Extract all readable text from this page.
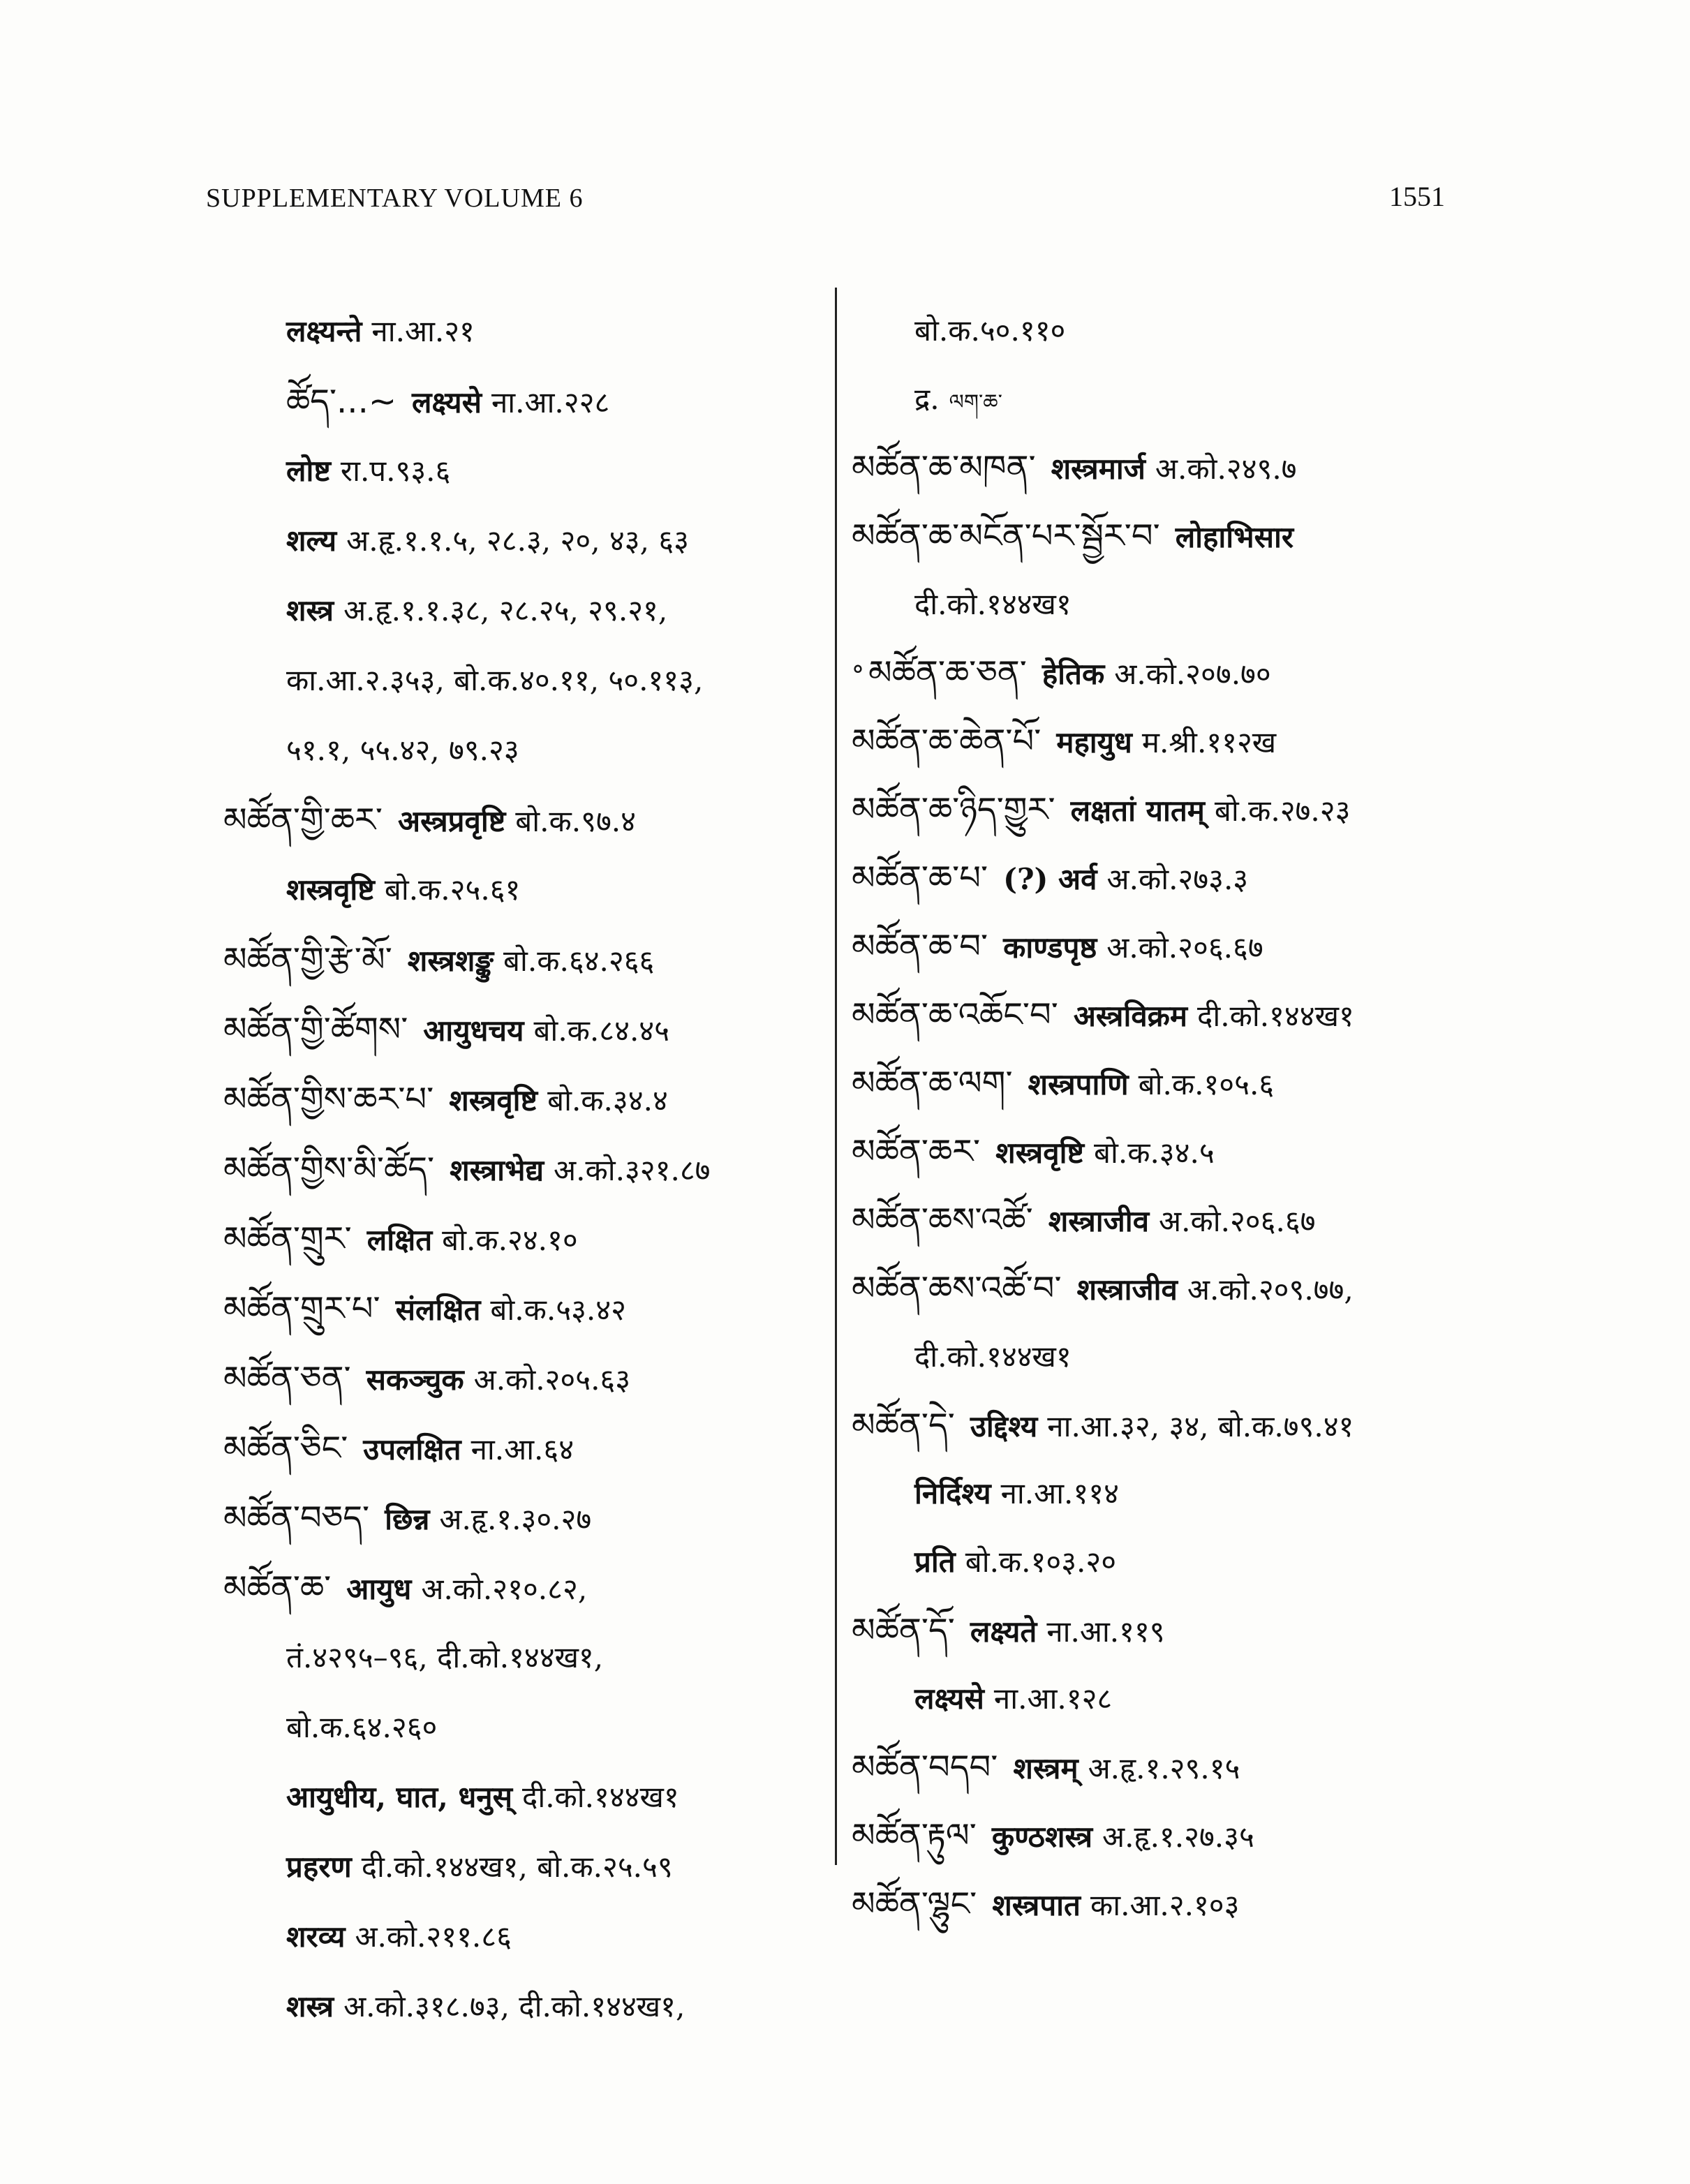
SUPPLEMENTARY VOLUME 6	1551
लक्ष्यन्ते ना.आ.२१
ཚོད་...~ लक्ष्यसे ना.आ.२२८
लोष्ट रा.प.९३.६
शल्य अ.हृ.१.१.५, २८.३, २०, ४३, ६३
शस्त्र अ.हृ.१.१.३८, २८.२५, २९.२१,
का.आ.२.३५३, बो.क.४०.११, ५०.११३,
५१.१, ५५.४२, ७९.२३
མཚོན་གྱི་ཆར་ अस्त्रप्रवृष्टि बो.क.९७.४
शस्त्रवृष्टि बो.क.२५.६१
མཚོན་གྱི་རྩེ་མོ་ शस्त्रशङ्कु बो.क.६४.२६६
མཚོན་གྱི་ཚོགས་ आयुधचय बो.क.८४.४५
མཚོན་གྱིས་ཆར་པ་ शस्त्रवृष्टि बो.क.३४.४
མཚོན་གྱིས་མི་ཚོད་ शस्त्राभेद्य अ.को.३२१.८७
མཚོན་གྲུར་ लक्षित बो.क.२४.१०
མཚོན་གྲུར་པ་ संलक्षित बो.क.५३.४२
མཚོན་ཅན་ सकञ्चुक अ.को.२०५.६३
མཚོན་ཅིང་ उपलक्षित ना.आ.६४
མཚོན་བཅད་ छिन्न अ.हृ.१.३०.२७
མཚོན་ཆ་ आयुध अ.को.२१०.८२,
तं.४२९५–९६, दी.को.१४४ख१,
बो.क.६४.२६०
आयुधीय, घात, धनुस् दी.को.१४४ख१
प्रहरण दी.को.१४४ख१, बो.क.२५.५९
शरव्य अ.को.२११.८६
शस्त्र अ.को.३१८.७३, दी.को.१४४ख१,
बो.क.५०.११०
द्र. ལག་ཆ་
མཚོན་ཆ་མཁན་ शस्त्रमार्ज अ.को.२४९.७
མཚོན་ཆ་མངོན་པར་སྦྱོར་བ་ लोहाभिसार
दी.को.१४४ख१
° མཚོན་ཆ་ཅན་ हेतिक अ.को.२०७.७०
མཚོན་ཆ་ཆེན་པོ་ महायुध म.श्री.११२ख
མཚོན་ཆ་ཉིད་གྱུར་ लक्षतां यातम् बो.क.२७.२३
མཚོན་ཆ་པ་ (?) अर्व अ.को.२७३.३
མཚོན་ཆ་བ་ काण्डपृष्ठ अ.को.२०६.६७
མཚོན་ཆ་འཆོང་བ་ अस्त्रविक्रम दी.को.१४४ख१
མཚོན་ཆ་ལག་ शस्त्रपाणि बो.क.१०५.६
མཚོན་ཆར་ शस्त्रवृष्टि बो.क.३४.५
མཚོན་ཆས་འཚོ་ शस्त्राजीव अ.को.२०६.६७
མཚོན་ཆས་འཚོ་བ་ शस्त्राजीव अ.को.२०९.७७,
दी.को.१४४ख१
མཚོན་དེ་ उद्दिश्य ना.आ.३२, ३४, बो.क.७९.४१
निर्दिश्य ना.आ.११४
प्रति बो.क.१०३.२०
མཚོན་དོ་ लक्ष्यते ना.आ.११९
लक्ष्यसे ना.आ.१२८
མཚོན་བདབ་ शस्त्रम् अ.हृ.१.२९.१५
མཚོན་རྟུལ་ कुण्ठशस्त्र अ.हृ.१.२७.३५
མཚོན་ལྷུང་ शस्त्रपात का.आ.२.१०३
